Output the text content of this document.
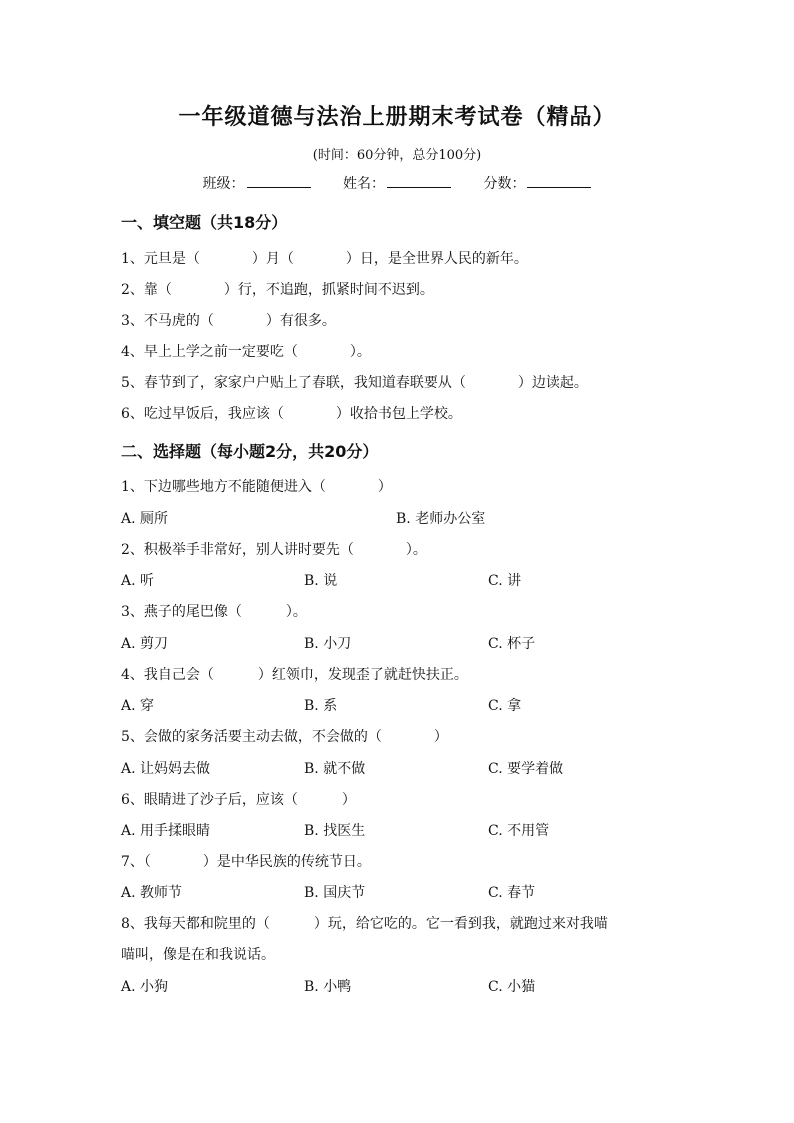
一年级道德与法治上册期末考试卷（精品）
(时间：60分钟，总分100分)
班级：	姓名：	分数：
一、填空题（共18分）
1、元旦是（	）月（	）日，是全世界人民的新年。
2、靠（	）行，不追跑，抓紧时间不迟到。
3、不马虎的（	）有很多。
4、早上上学之前一定要吃（	）。
5、春节到了，家家户户贴上了春联，我知道春联要从（	）边读起。
6、吃过早饭后，我应该（	）收拾书包上学校。
二、选择题（每小题2分，共20分）
1、下边哪些地方不能随便进入（	）
A. 厕所	B. 老师办公室
2、积极举手非常好，别人讲时要先（	）。
A. 听	B. 说	C. 讲
3、燕子的尾巴像（	）。
A. 剪刀	B. 小刀	C. 杯子
4、我自己会（	）红领巾，发现歪了就赶快扶正。
A. 穿	B. 系	C. 拿
5、会做的家务活要主动去做，不会做的（	）
A. 让妈妈去做	B. 就不做	C. 要学着做
6、眼睛进了沙子后，应该（	）
A. 用手揉眼睛	B. 找医生	C. 不用管
7、（	）是中华民族的传统节日。
A. 教师节	B. 国庆节	C. 春节
8、我每天都和院里的（	）玩，给它吃的。它一看到我，就跑过来对我喵
喵叫，像是在和我说话。
A. 小狗	B. 小鸭	C. 小猫
